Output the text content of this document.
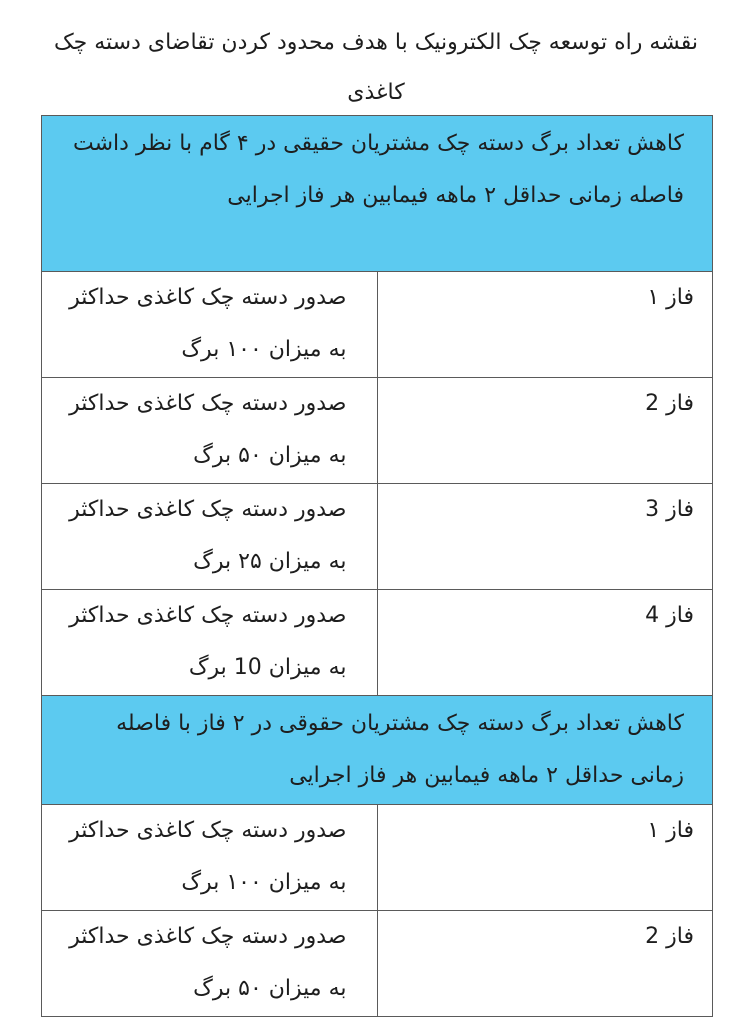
نقشه راه توسعه چک الکترونیک با هدف محدود کردن تقاضای دسته چک کاغذی
کاهش تعداد برگ دسته چک مشتریان حقیقی در ۴ گام با نظر داشت فاصله زمانی حداقل ۲ ماهه فیمابین هر فاز اجرایی	
فاز ۱	صدور دسته چک کاغذی حداکثر به میزان ۱۰۰ برگ
فاز 2	صدور دسته چک کاغذی حداکثر به میزان ۵۰ برگ
فاز 3	صدور دسته چک کاغذی حداکثر به میزان ۲۵ برگ
فاز 4	صدور دسته چک کاغذی حداکثر به میزان 10 برگ
کاهش تعداد برگ دسته چک مشتریان حقوقی در ۲ فاز با فاصله زمانی حداقل ۲ ماهه فیمابین هر فاز اجرایی	
فاز ۱	صدور دسته چک کاغذی حداکثر به میزان ۱۰۰ برگ
فاز 2	صدور دسته چک کاغذی حداکثر به میزان ۵۰ برگ
